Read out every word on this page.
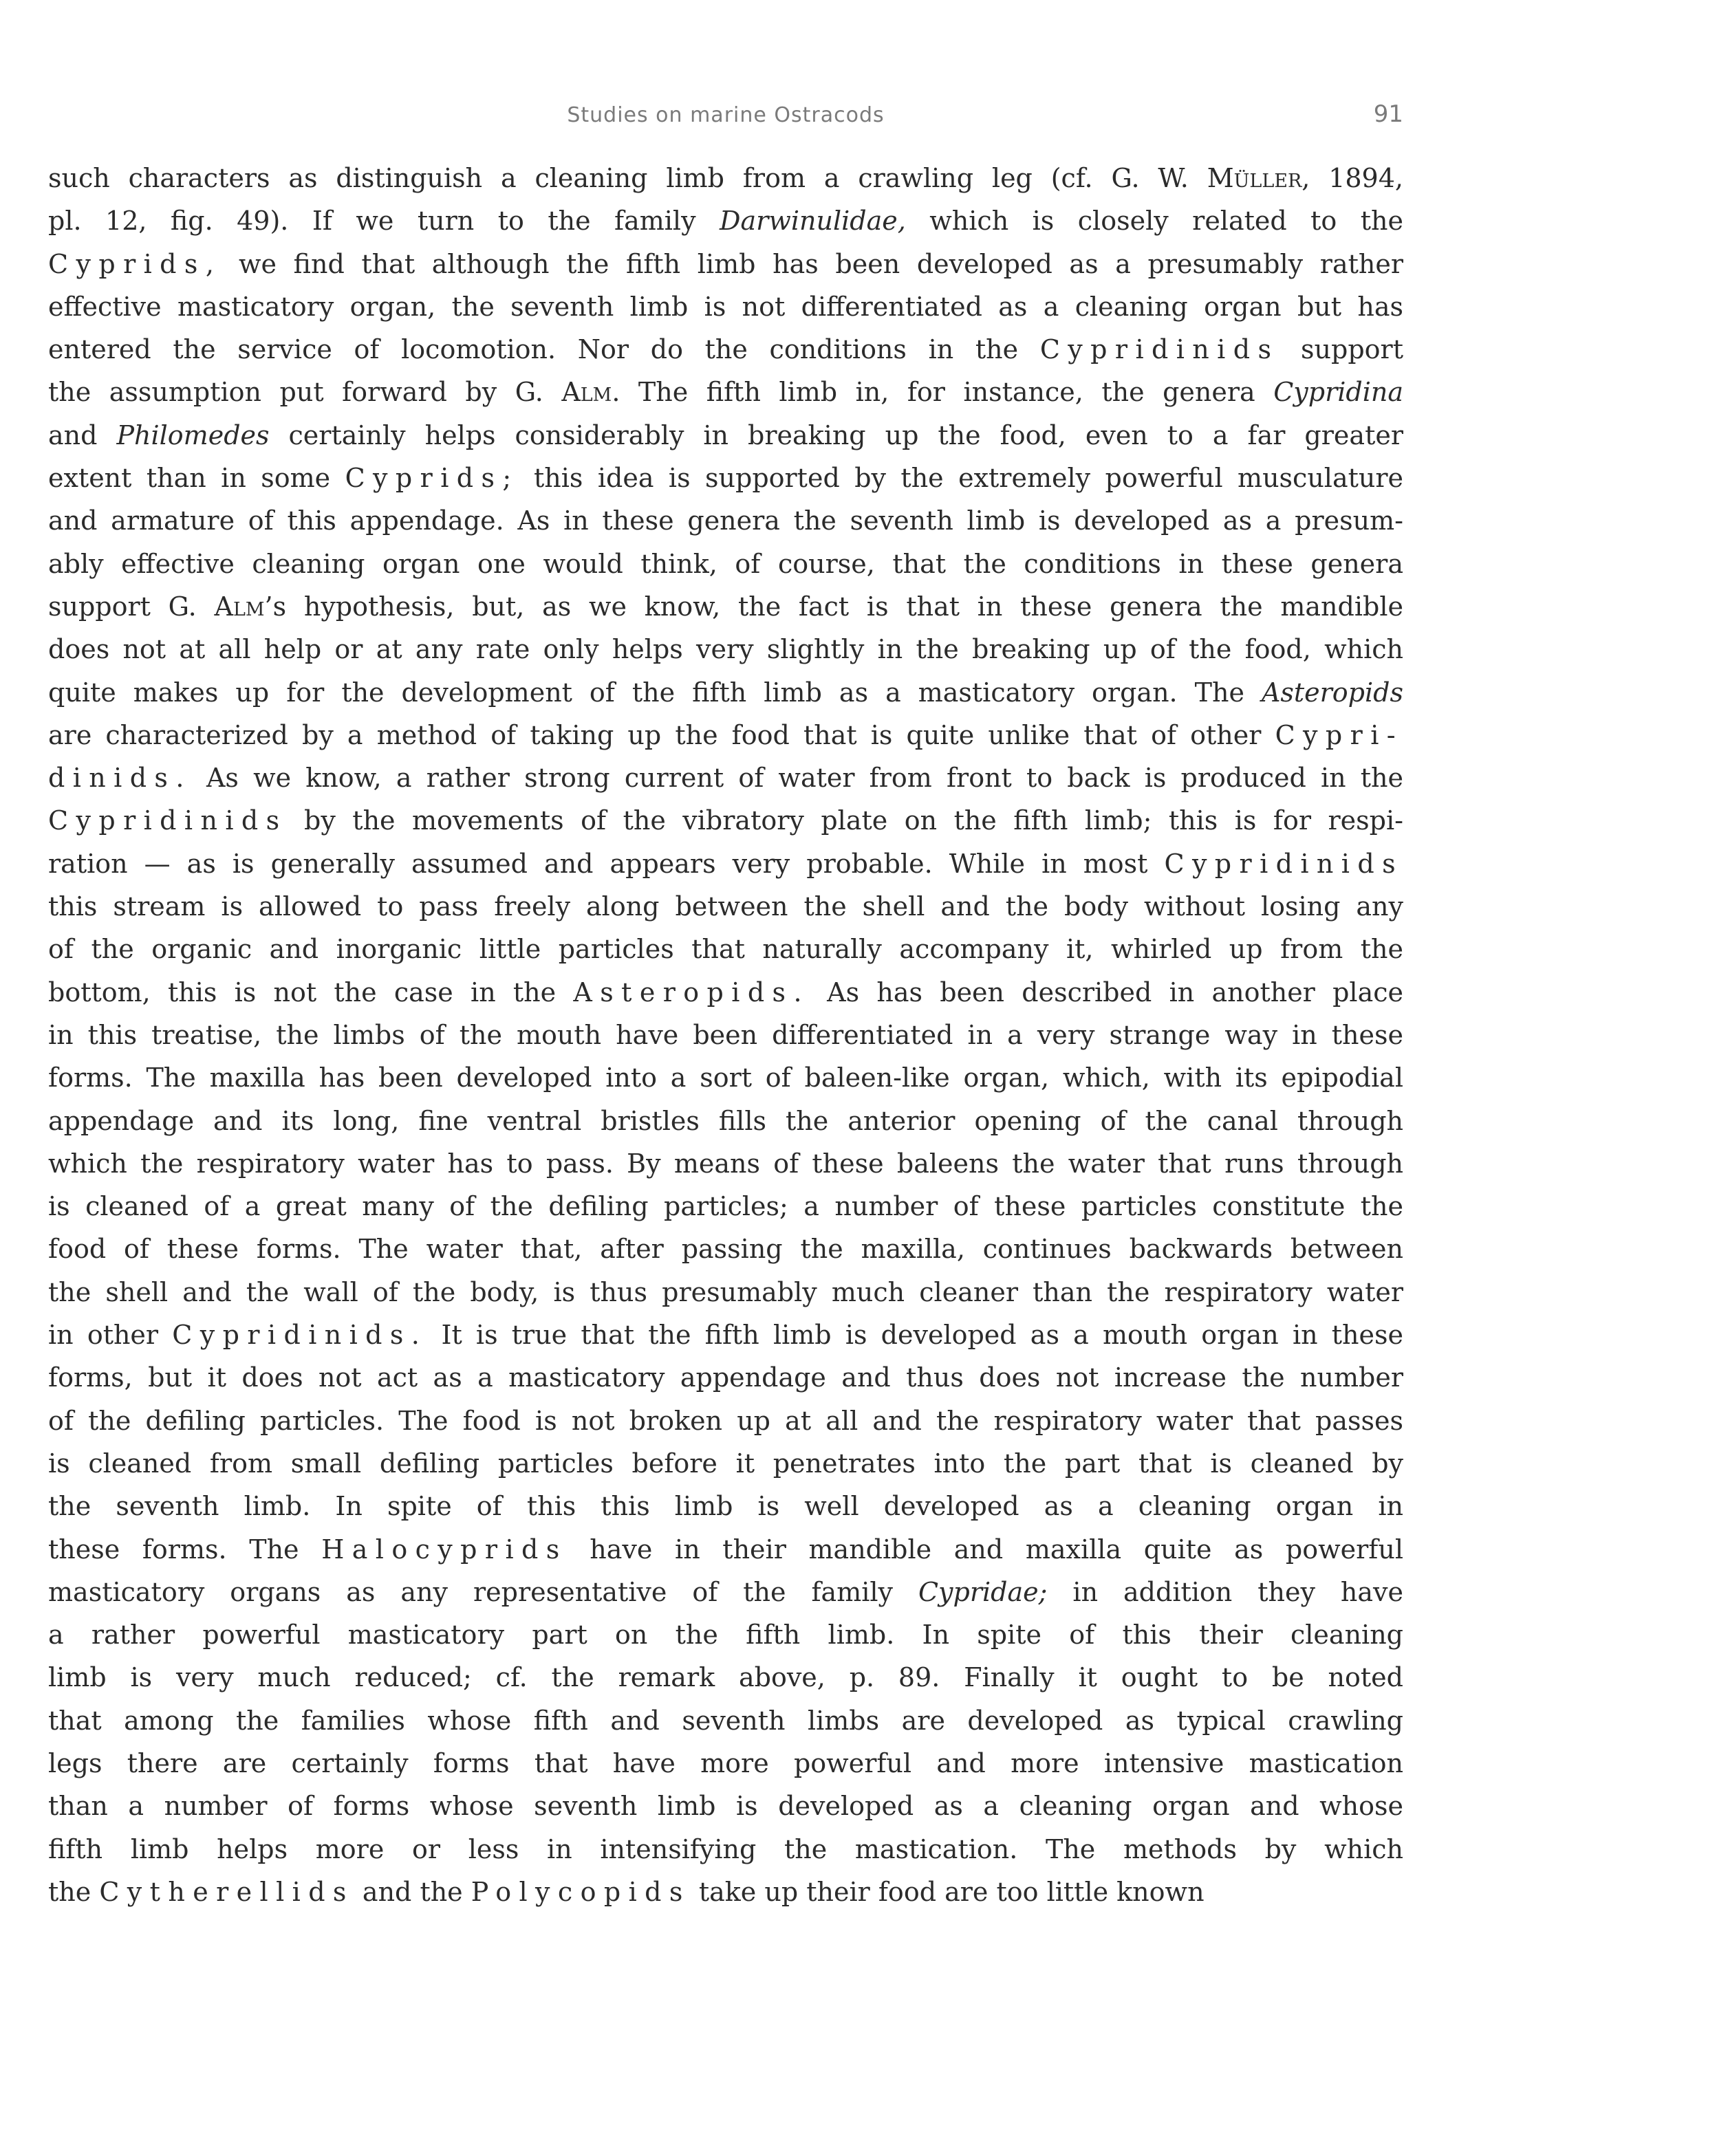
Studies on marine Ostracods	91
such characters as distinguish a cleaning limb from a crawling leg (cf. G. W. Müller, 1894,
pl. 12, fig. 49). If we turn to the family Darwinulidae, which is closely related to the
Cyprids, we find that although the fifth limb has been developed as a presumably rather
effective masticatory organ, the seventh limb is not differentiated as a cleaning organ but has
entered the service of locomotion. Nor do the conditions in the Cypridinids support
the assumption put forward by G. Alm. The fifth limb in, for instance, the genera Cypridina
and Philomedes certainly helps considerably in breaking up the food, even to a far greater
extent than in some Cyprids; this idea is supported by the extremely powerful musculature
and armature of this appendage. As in these genera the seventh limb is developed as a presum-
ably effective cleaning organ one would think, of course, that the conditions in these genera
support G. Alm’s hypothesis, but, as we know, the fact is that in these genera the mandible
does not at all help or at any rate only helps very slightly in the breaking up of the food, which
quite makes up for the development of the fifth limb as a masticatory organ. The Asteropids
are characterized by a method of taking up the food that is quite unlike that of other Cypri-
dinids. As we know, a rather strong current of water from front to back is produced in the
Cypridinids by the movements of the vibratory plate on the fifth limb; this is for respi-
ration — as is generally assumed and appears very probable. While in most Cypridinids
this stream is allowed to pass freely along between the shell and the body without losing any
of the organic and inorganic little particles that naturally accompany it, whirled up from the
bottom, this is not the case in the Asteropids. As has been described in another place
in this treatise, the limbs of the mouth have been differentiated in a very strange way in these
forms. The maxilla has been developed into a sort of baleen-like organ, which, with its epipodial
appendage and its long, fine ventral bristles fills the anterior opening of the canal through
which the respiratory water has to pass. By means of these baleens the water that runs through
is cleaned of a great many of the defiling particles; a number of these particles constitute the
food of these forms. The water that, after passing the maxilla, continues backwards between
the shell and the wall of the body, is thus presumably much cleaner than the respiratory water
in other Cypridinids. It is true that the fifth limb is developed as a mouth organ in these
forms, but it does not act as a masticatory appendage and thus does not increase the number
of the defiling particles. The food is not broken up at all and the respiratory water that passes
is cleaned from small defiling particles before it penetrates into the part that is cleaned by
the seventh limb. In spite of this this limb is well developed as a cleaning organ in
these forms. The Halocyprids have in their mandible and maxilla quite as powerful
masticatory organs as any representative of the family Cypridae; in addition they have
a rather powerful masticatory part on the fifth limb. In spite of this their cleaning
limb is very much reduced; cf. the remark above, p. 89. Finally it ought to be noted
that among the families whose fifth and seventh limbs are developed as typical crawling
legs there are certainly forms that have more powerful and more intensive mastication
than a number of forms whose seventh limb is developed as a cleaning organ and whose
fifth limb helps more or less in intensifying the mastication. The methods by which
the Cytherellids and the Polycopids take up their food are too little known
